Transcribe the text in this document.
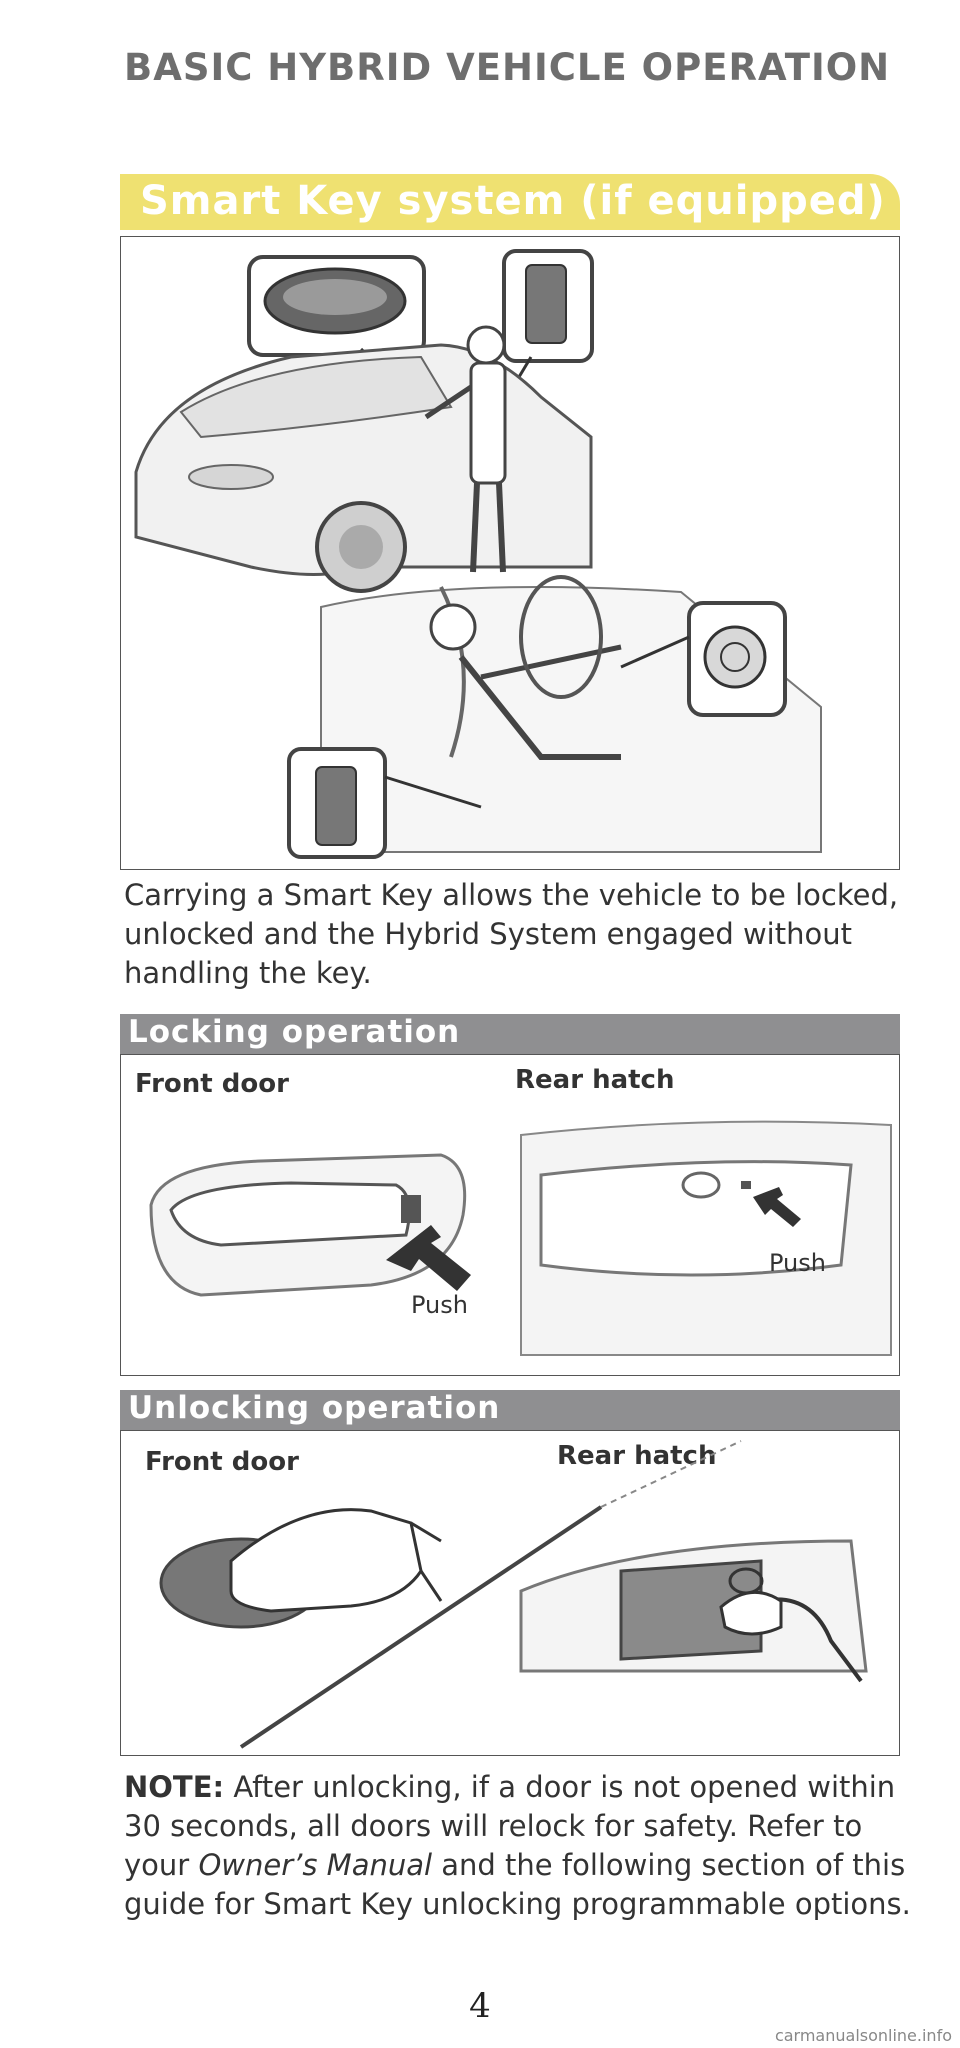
BASIC HYBRID VEHICLE OPERATION
Smart Key system (if equipped)
Carrying a Smart Key allows the vehicle to be locked, unlocked and the Hybrid System engaged without handling the key.
Locking operation
Front door	Rear hatch
Push
Push
Unlocking operation
Front door	Rear hatch
NOTE: After unlocking, if a door is not opened within 30 seconds, all doors will relock for safety. Refer to your Owner’s Manual and the following section of this guide for Smart Key unlocking programmable options.
4
carmanualsonline.info
